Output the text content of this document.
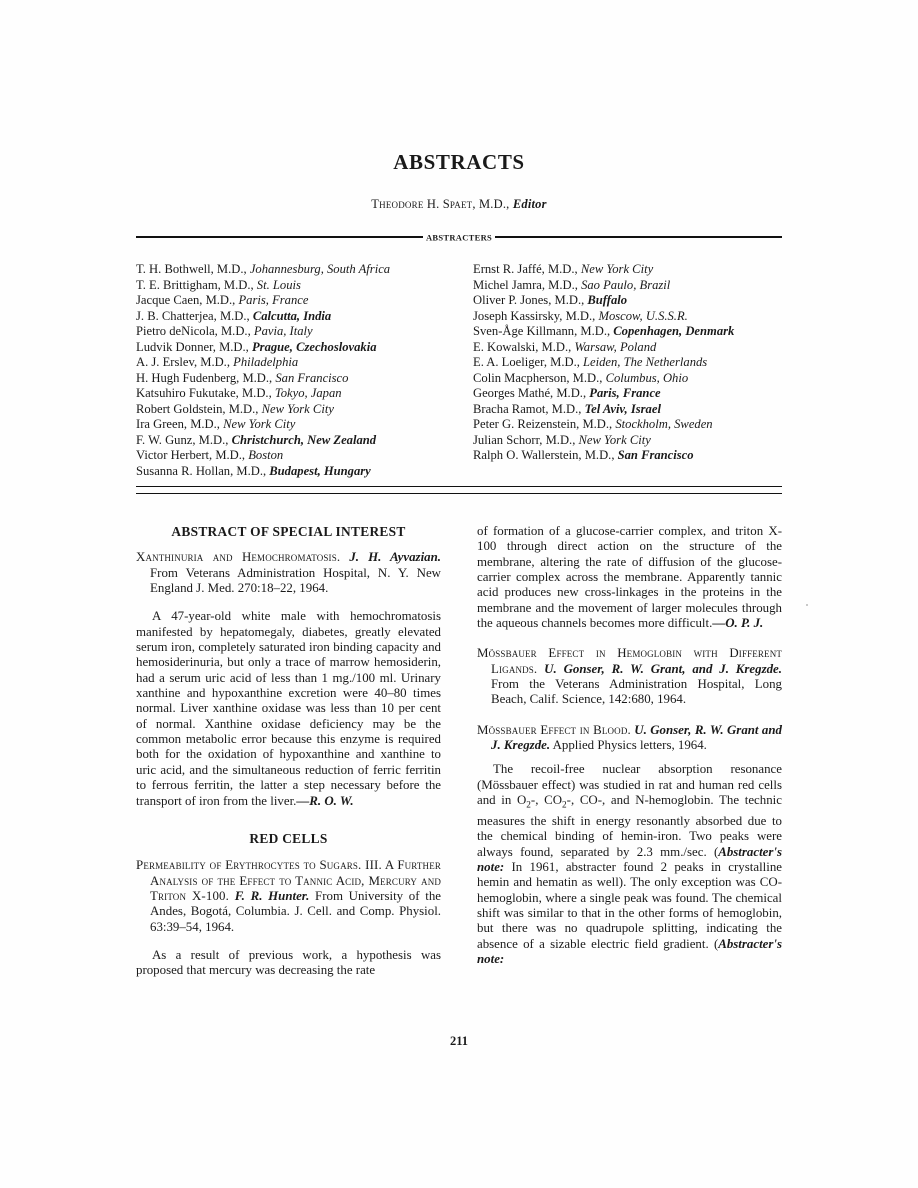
ABSTRACTS
Theodore H. Spaet, M.D., Editor
ABSTRACTERS
T. H. Bothwell, M.D., Johannesburg, South Africa
T. E. Brittigham, M.D., St. Louis
Jacque Caen, M.D., Paris, France
J. B. Chatterjea, M.D., Calcutta, India
Pietro deNicola, M.D., Pavia, Italy
Ludvik Donner, M.D., Prague, Czechoslovakia
A. J. Erslev, M.D., Philadelphia
H. Hugh Fudenberg, M.D., San Francisco
Katsuhiro Fukutake, M.D., Tokyo, Japan
Robert Goldstein, M.D., New York City
Ira Green, M.D., New York City
F. W. Gunz, M.D., Christchurch, New Zealand
Victor Herbert, M.D., Boston
Susanna R. Hollan, M.D., Budapest, Hungary
Ernst R. Jaffé, M.D., New York City
Michel Jamra, M.D., Sao Paulo, Brazil
Oliver P. Jones, M.D., Buffalo
Joseph Kassirsky, M.D., Moscow, U.S.S.R.
Sven-Åge Killmann, M.D., Copenhagen, Denmark
E. Kowalski, M.D., Warsaw, Poland
E. A. Loeliger, M.D., Leiden, The Netherlands
Colin Macpherson, M.D., Columbus, Ohio
Georges Mathé, M.D., Paris, France
Bracha Ramot, M.D., Tel Aviv, Israel
Peter G. Reizenstein, M.D., Stockholm, Sweden
Julian Schorr, M.D., New York City
Ralph O. Wallerstein, M.D., San Francisco
ABSTRACT OF SPECIAL INTEREST
Xanthinuria and Hemochromatosis. J. H. Ayvazian. From Veterans Administration Hospital, N. Y. New England J. Med. 270:18–22, 1964.

A 47-year-old white male with hemochromatosis manifested by hepatomegaly, diabetes, greatly elevated serum iron, completely saturated iron binding capacity and hemosiderinuria, but only a trace of marrow hemosiderin, had a serum uric acid of less than 1 mg./100 ml. Urinary xanthine and hypoxanthine excretion were 40–80 times normal. Liver xanthine oxidase was less than 10 per cent of normal. Xanthine oxidase deficiency may be the common metabolic error because this enzyme is required both for the oxidation of hypoxanthine and xanthine to uric acid, and the simultaneous reduction of ferric ferritin to ferrous ferritin, the latter a step necessary before the transport of iron from the liver.—R. O. W.

RED CELLS
Permeability of Erythrocytes to Sugars. III. A Further Analysis of the Effect to Tannic Acid, Mercury and Triton X-100. F. R. Hunter. From University of the Andes, Bogotá, Columbia. J. Cell. and Comp. Physiol. 63:39–54, 1964.

As a result of previous work, a hypothesis was proposed that mercury was decreasing the rate

of formation of a glucose-carrier complex, and triton X-100 through direct action on the structure of the membrane, altering the rate of diffusion of the glucose-carrier complex across the membrane. Apparently tannic acid produces new cross-linkages in the proteins in the membrane and the movement of larger molecules through the aqueous channels becomes more difficult.—O. P. J.

Mössbauer Effect in Hemoglobin with Different Ligands. U. Gonser, R. W. Grant, and J. Kregzde. From the Veterans Administration Hospital, Long Beach, Calif. Science, 142:680, 1964.
Mössbauer Effect in Blood. U. Gonser, R. W. Grant and J. Kregzde. Applied Physics letters, 1964.

The recoil-free nuclear absorption resonance (Mössbauer effect) was studied in rat and human red cells and in $O_2-$, $CO_2-$, CO-, and N-hemoglobin. The technic measures the shift in energy resonantly absorbed due to the chemical binding of hemin-iron. Two peaks were always found, separated by 2.3 mm./sec. (Abstracter's note: In 1961, abstracter found 2 peaks in crystalline hemin and hematin as well). The only exception was CO-hemoglobin, where a single peak was found. The chemical shift was similar to that in the other forms of hemoglobin, but there was no quadrupole splitting, indicating the absence of a sizable electric field gradient. (Abstracter's note:

211
